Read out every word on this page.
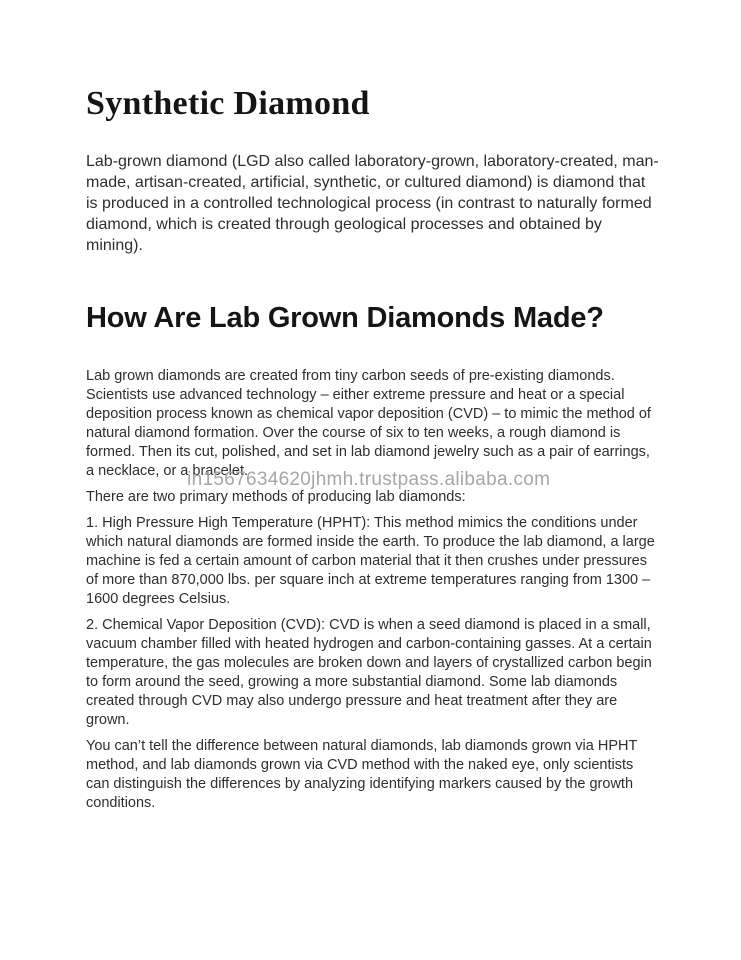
Synthetic Diamond

Lab-grown diamond (LGD also called laboratory-grown, laboratory-created, man-made, artisan-created, artificial, synthetic, or cultured diamond) is diamond that is produced in a controlled technological process (in contrast to naturally formed diamond, which is created through geological processes and obtained by mining).

How Are Lab Grown Diamonds Made?

Lab grown diamonds are created from tiny carbon seeds of pre-existing diamonds. Scientists use advanced technology – either extreme pressure and heat or a special deposition process known as chemical vapor deposition (CVD) – to mimic the method of natural diamond formation. Over the course of six to ten weeks, a rough diamond is formed. Then its cut, polished, and set in lab diamond jewelry such as a pair of earrings, a necklace, or a bracelet.

There are two primary methods of producing lab diamonds:

1. High Pressure High Temperature (HPHT): This method mimics the conditions under which natural diamonds are formed inside the earth. To produce the lab diamond, a large machine is fed a certain amount of carbon material that it then crushes under pressures of more than 870,000 lbs. per square inch at extreme temperatures ranging from 1300 – 1600 degrees Celsius.

2. Chemical Vapor Deposition (CVD): CVD is when a seed diamond is placed in a small, vacuum chamber filled with heated hydrogen and carbon-containing gasses. At a certain temperature, the gas molecules are broken down and layers of crystallized carbon begin to form around the seed, growing a more substantial diamond. Some lab diamonds created through CVD may also undergo pressure and heat treatment after they are grown.

You can’t tell the difference between natural diamonds, lab diamonds grown via HPHT method, and lab diamonds grown via CVD method with the naked eye, only scientists can distinguish the differences by analyzing identifying markers caused by the growth conditions.

in1567634620jhmh.trustpass.alibaba.com
